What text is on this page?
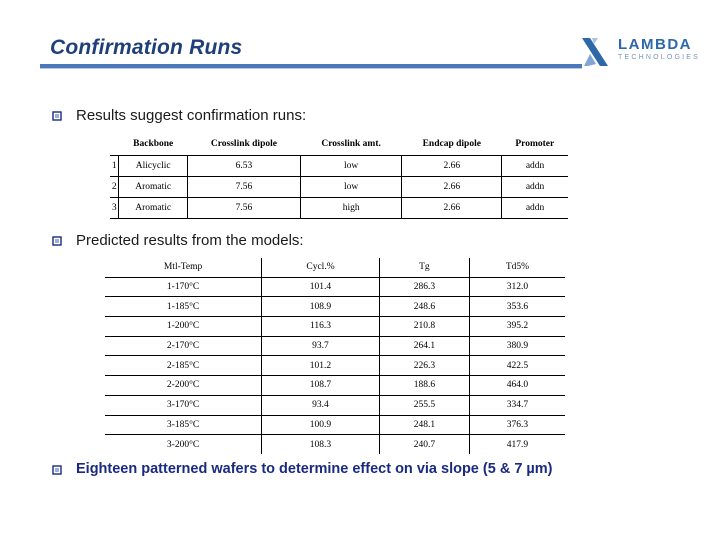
Confirmation Runs	LAMBDA
TECHNOLOGIES
Results suggest confirmation runs:
	Backbone	Crosslink dipole	Crosslink amt.	Endcap dipole	Promoter
1	Alicyclic	6.53	low	2.66	addn
2	Aromatic	7.56	low	2.66	addn
3	Aromatic	7.56	high	2.66	addn
Predicted results from the models:
Mtl-Temp	Cycl.%	Tg	Td5%
1-170°C	101.4	286.3	312.0
1-185°C	108.9	248.6	353.6
1-200°C	116.3	210.8	395.2
2-170°C	93.7	264.1	380.9
2-185°C	101.2	226.3	422.5
2-200°C	108.7	188.6	464.0
3-170°C	93.4	255.5	334.7
3-185°C	100.9	248.1	376.3
3-200°C	108.3	240.7	417.9
Eighteen patterned wafers to determine effect on via slope (5 & 7 µm)
